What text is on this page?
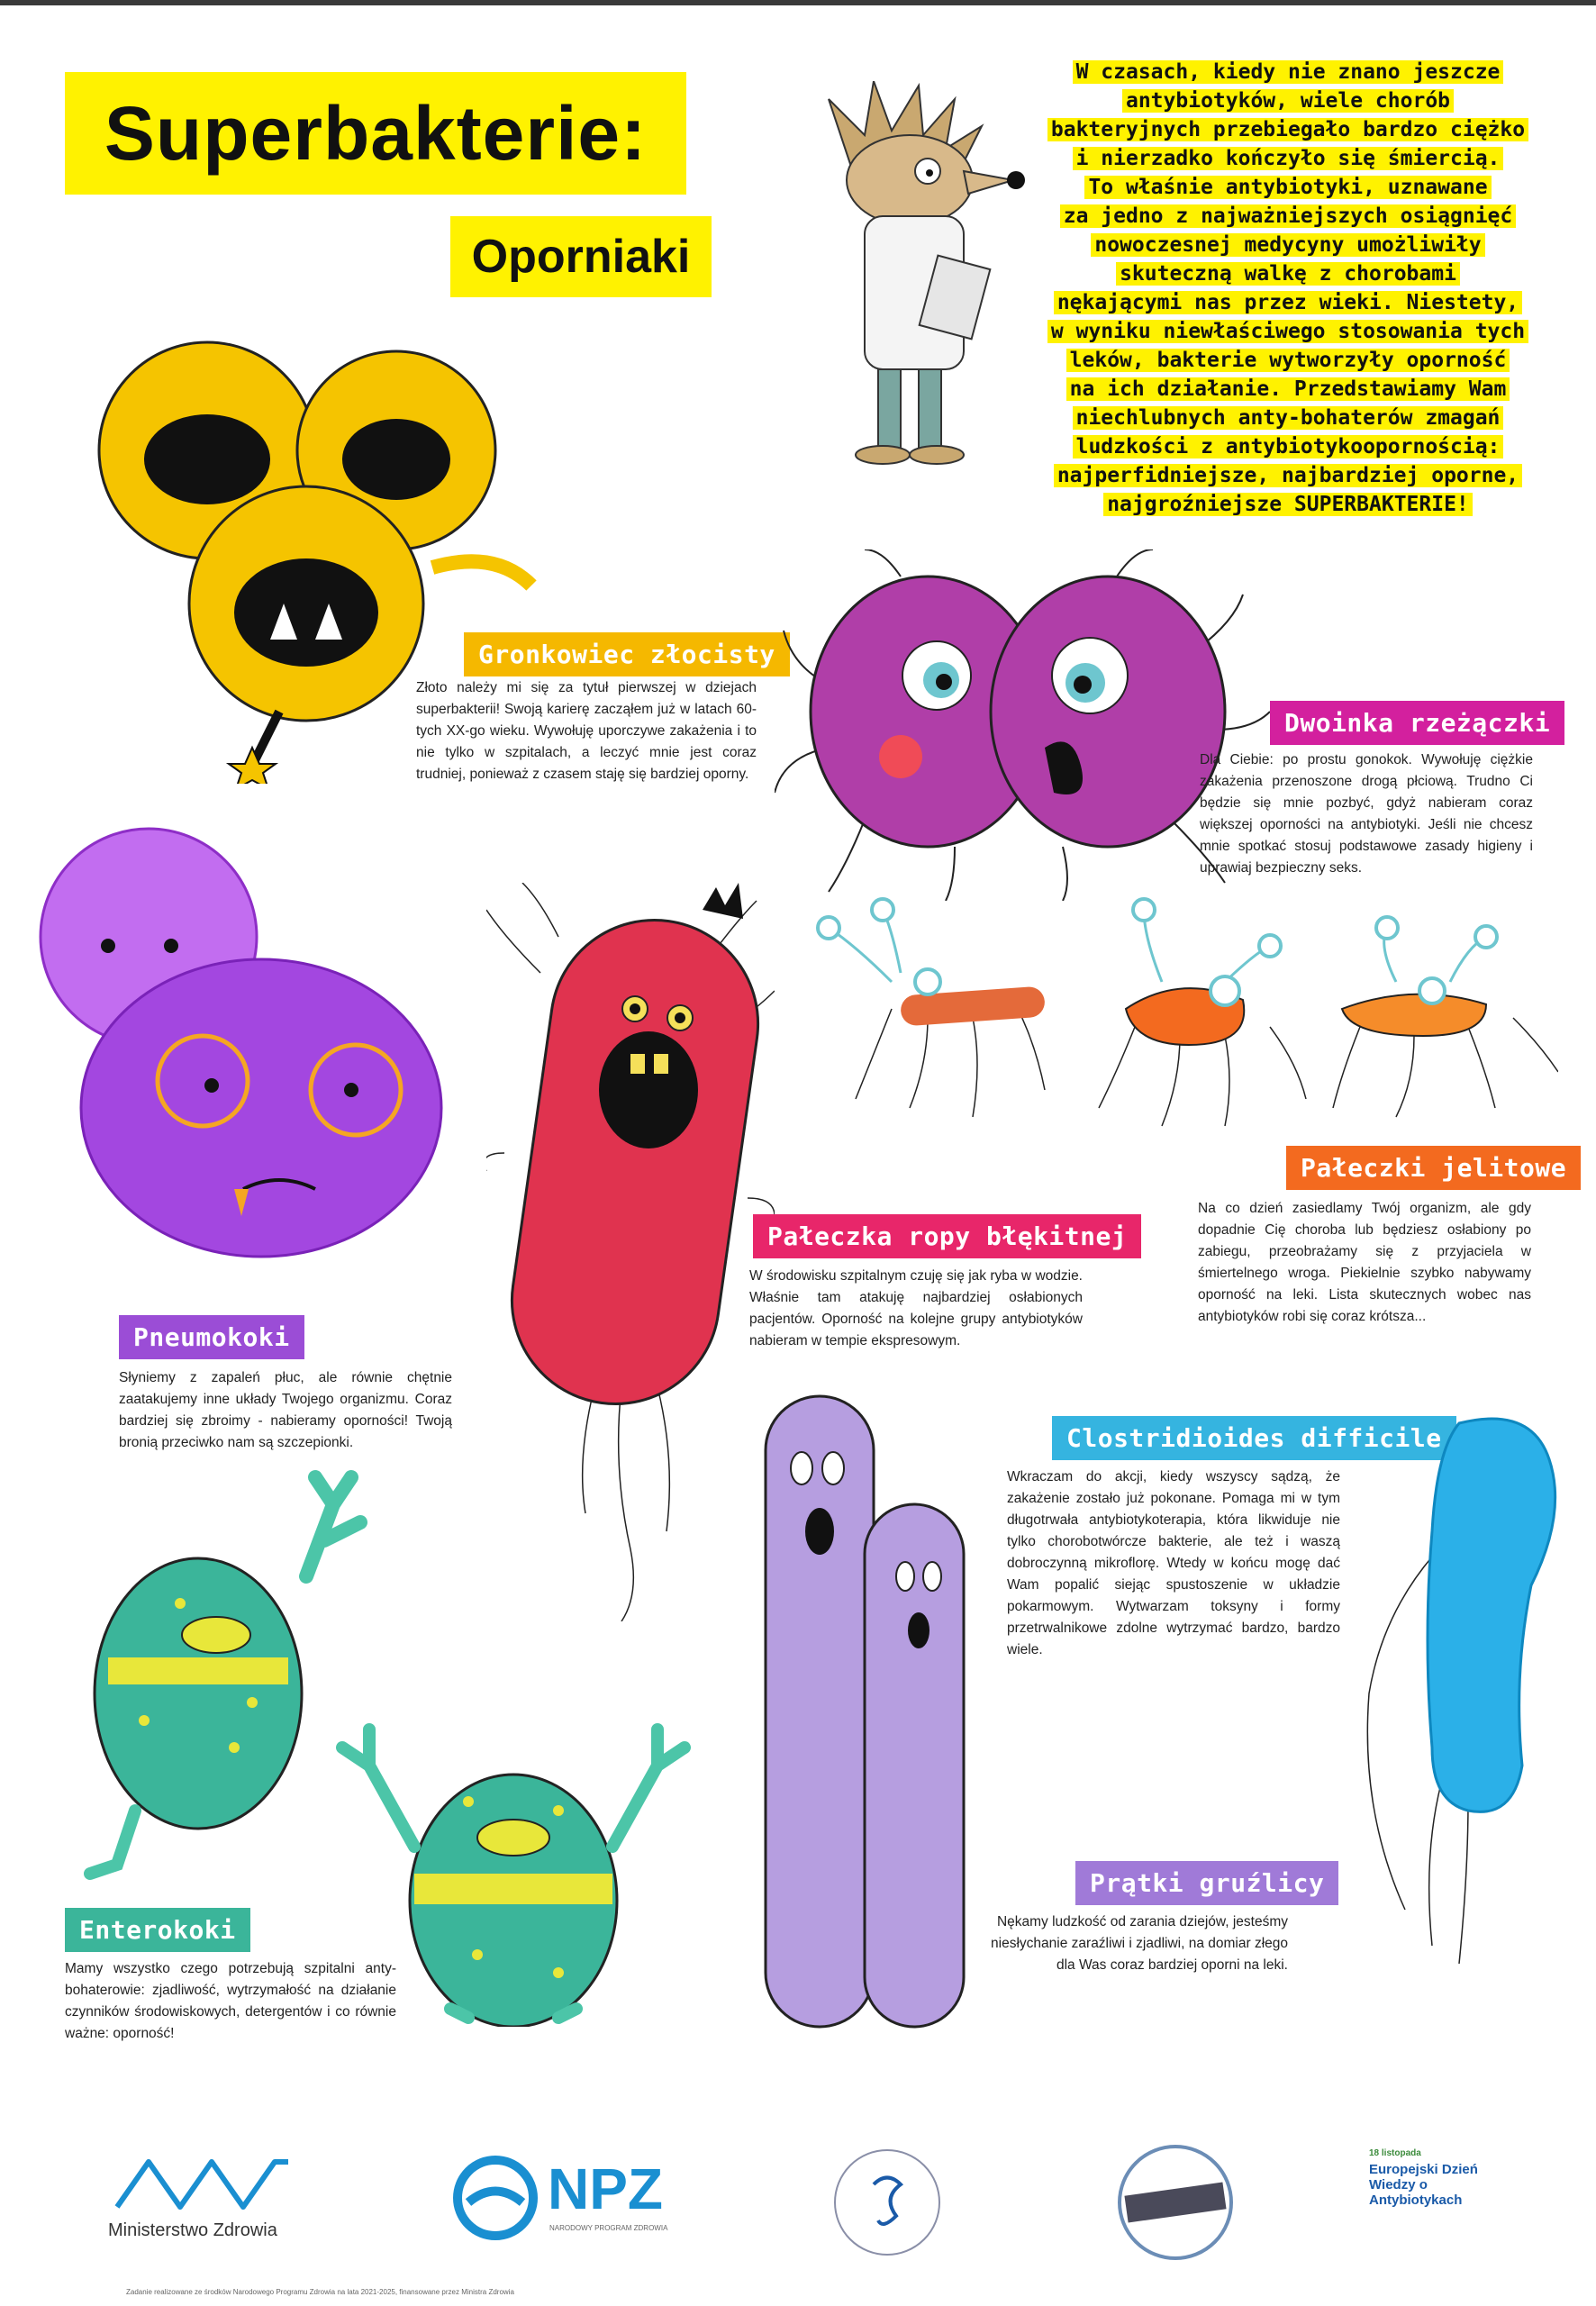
Superbakterie:
Oporniaki
W czasach, kiedy nie znano jeszcze
antybiotyków, wiele chorób
bakteryjnych przebiegało bardzo ciężko
i nierzadko kończyło się śmiercią.
To właśnie antybiotyki, uznawane
za jedno z najważniejszych osiągnięć
nowoczesnej medycyny umożliwiły
skuteczną walkę z chorobami
nękającymi nas przez wieki. Niestety,
w wyniku niewłaściwego stosowania tych
leków, bakterie wytworzyły oporność
na ich działanie. Przedstawiamy Wam
niechlubnych anty-bohaterów zmagań
ludzkości z antybiotykoopornością:
najperfidniejsze, najbardziej oporne,
najgroźniejsze SUPERBAKTERIE!
Gronkowiec złocisty
Złoto należy mi się za tytuł pierwszej w dziejach superbakterii! Swoją karierę zacząłem już w latach 60-tych XX-go wieku. Wywołuję uporczywe zakażenia i to nie tylko w szpitalach, a leczyć mnie jest coraz trudniej, ponieważ z czasem staję się bardziej oporny.
Dwoinka rzeżączki
Dla Ciebie: po prostu gonokok. Wywołuję ciężkie zakażenia przenoszone drogą płciową. Trudno Ci będzie się mnie pozbyć, gdyż nabieram coraz większej oporności na antybiotyki. Jeśli nie chcesz mnie spotkać stosuj podstawowe zasady higieny i uprawiaj bezpieczny seks.
Pneumokoki
Słyniemy z zapaleń płuc, ale równie chętnie zaatakujemy inne układy Twojego organizmu. Coraz bardziej się zbroimy - nabieramy oporności! Twoją bronią przeciwko nam są szczepionki.
Pałeczka ropy błękitnej
W środowisku szpitalnym czuję się jak ryba w wodzie. Właśnie tam atakuję najbardziej osłabionych pacjentów. Oporność na kolejne grupy antybiotyków nabieram w tempie ekspresowym.
Pałeczki jelitowe
Na co dzień zasiedlamy Twój organizm, ale gdy dopadnie Cię choroba lub będziesz osłabiony po zabiegu, przeobrażamy się z przyjaciela w śmiertelnego wroga. Piekielnie szybko nabywamy oporność na leki. Lista skutecznych wobec nas antybiotyków robi się coraz krótsza...
Clostridioides difficile
Wkraczam do akcji, kiedy wszyscy sądzą, że zakażenie zostało już pokonane. Pomaga mi w tym długotrwała antybiotykoterapia, która likwiduje nie tylko chorobotwórcze bakterie, ale też i waszą dobroczynną mikroflorę. Wtedy w końcu mogę dać Wam popalić siejąc spustoszenie w układzie pokarmowym. Wytwarzam toksyny i formy przetrwalnikowe zdolne wytrzymać bardzo, bardzo wiele.
Enterokoki
Mamy wszystko czego potrzebują szpitalni anty-bohaterowie: zjadliwość, wytrzymałość na działanie czynników środowiskowych, detergentów i co równie ważne: oporność!
Prątki gruźlicy
Nękamy ludzkość od zarania dziejów, jesteśmy niesłychanie zaraźliwi i zjadliwi, na domiar złego dla Was coraz bardziej oporni na leki.
Ministerstwo Zdrowia
NPZ
NARODOWY PROGRAM ZDROWIA
18 listopada
Europejski Dzień Wiedzy o Antybiotykach
Zadanie realizowane ze środków Narodowego Programu Zdrowia na lata 2021-2025, finansowane przez Ministra Zdrowia
